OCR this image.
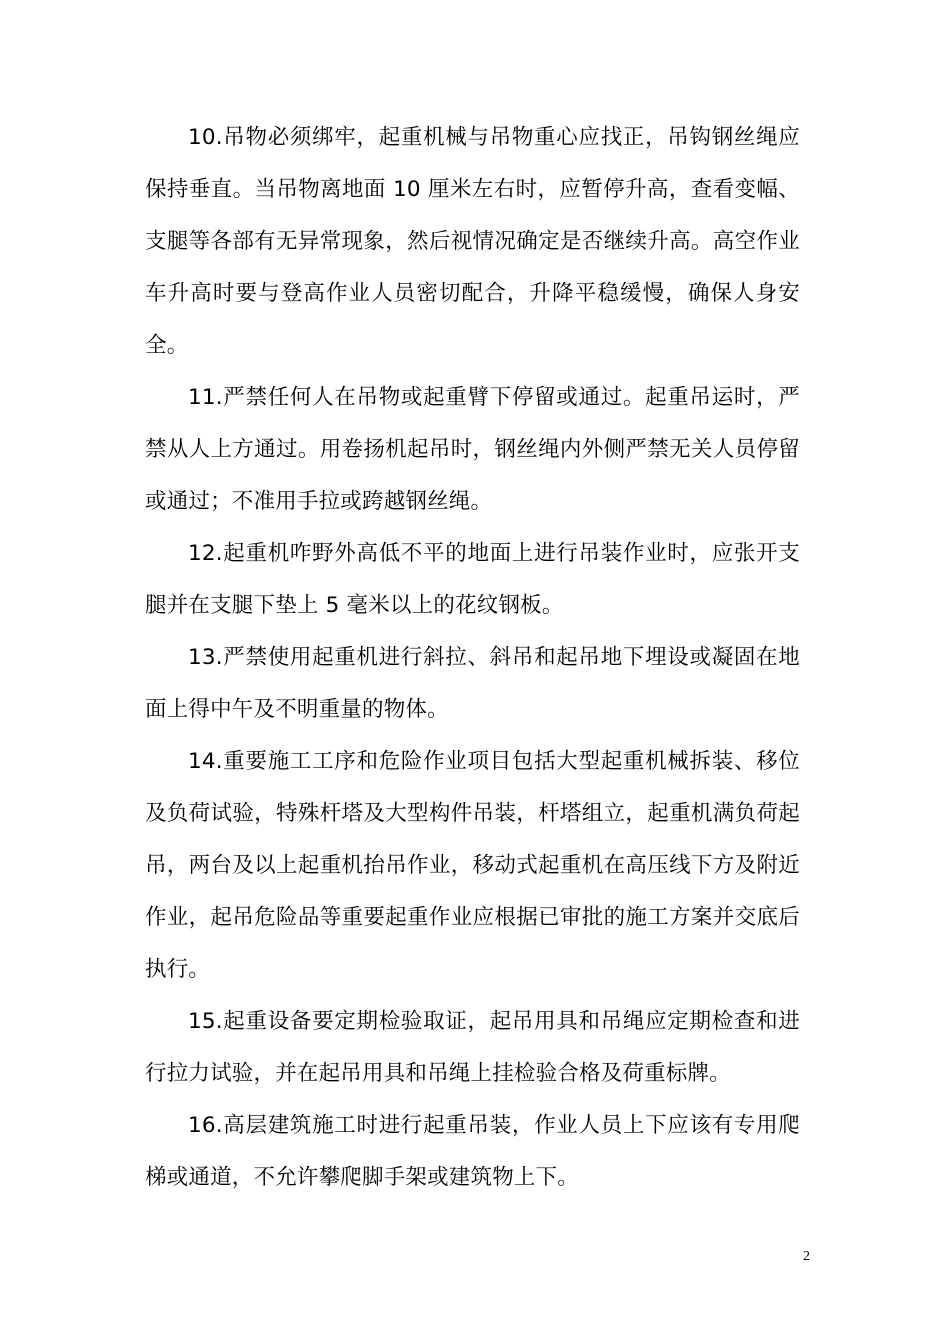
10.吊物必须绑牢，起重机械与吊物重心应找正，吊钩钢丝绳应保持垂直。当吊物离地面 10 厘米左右时，应暂停升高，查看变幅、支腿等各部有无异常现象，然后视情况确定是否继续升高。高空作业车升高时要与登高作业人员密切配合，升降平稳缓慢，确保人身安全。

11.严禁任何人在吊物或起重臂下停留或通过。起重吊运时，严禁从人上方通过。用卷扬机起吊时，钢丝绳内外侧严禁无关人员停留或通过；不准用手拉或跨越钢丝绳。

12.起重机咋野外高低不平的地面上进行吊装作业时，应张开支腿并在支腿下垫上 5 毫米以上的花纹钢板。

13.严禁使用起重机进行斜拉、斜吊和起吊地下埋设或凝固在地面上得中午及不明重量的物体。

14.重要施工工序和危险作业项目包括大型起重机械拆装、移位及负荷试验，特殊杆塔及大型构件吊装，杆塔组立，起重机满负荷起吊，两台及以上起重机抬吊作业，移动式起重机在高压线下方及附近作业，起吊危险品等重要起重作业应根据已审批的施工方案并交底后执行。

15.起重设备要定期检验取证，起吊用具和吊绳应定期检查和进行拉力试验，并在起吊用具和吊绳上挂检验合格及荷重标牌。

16.高层建筑施工时进行起重吊装，作业人员上下应该有专用爬梯或通道，不允许攀爬脚手架或建筑物上下。

2
